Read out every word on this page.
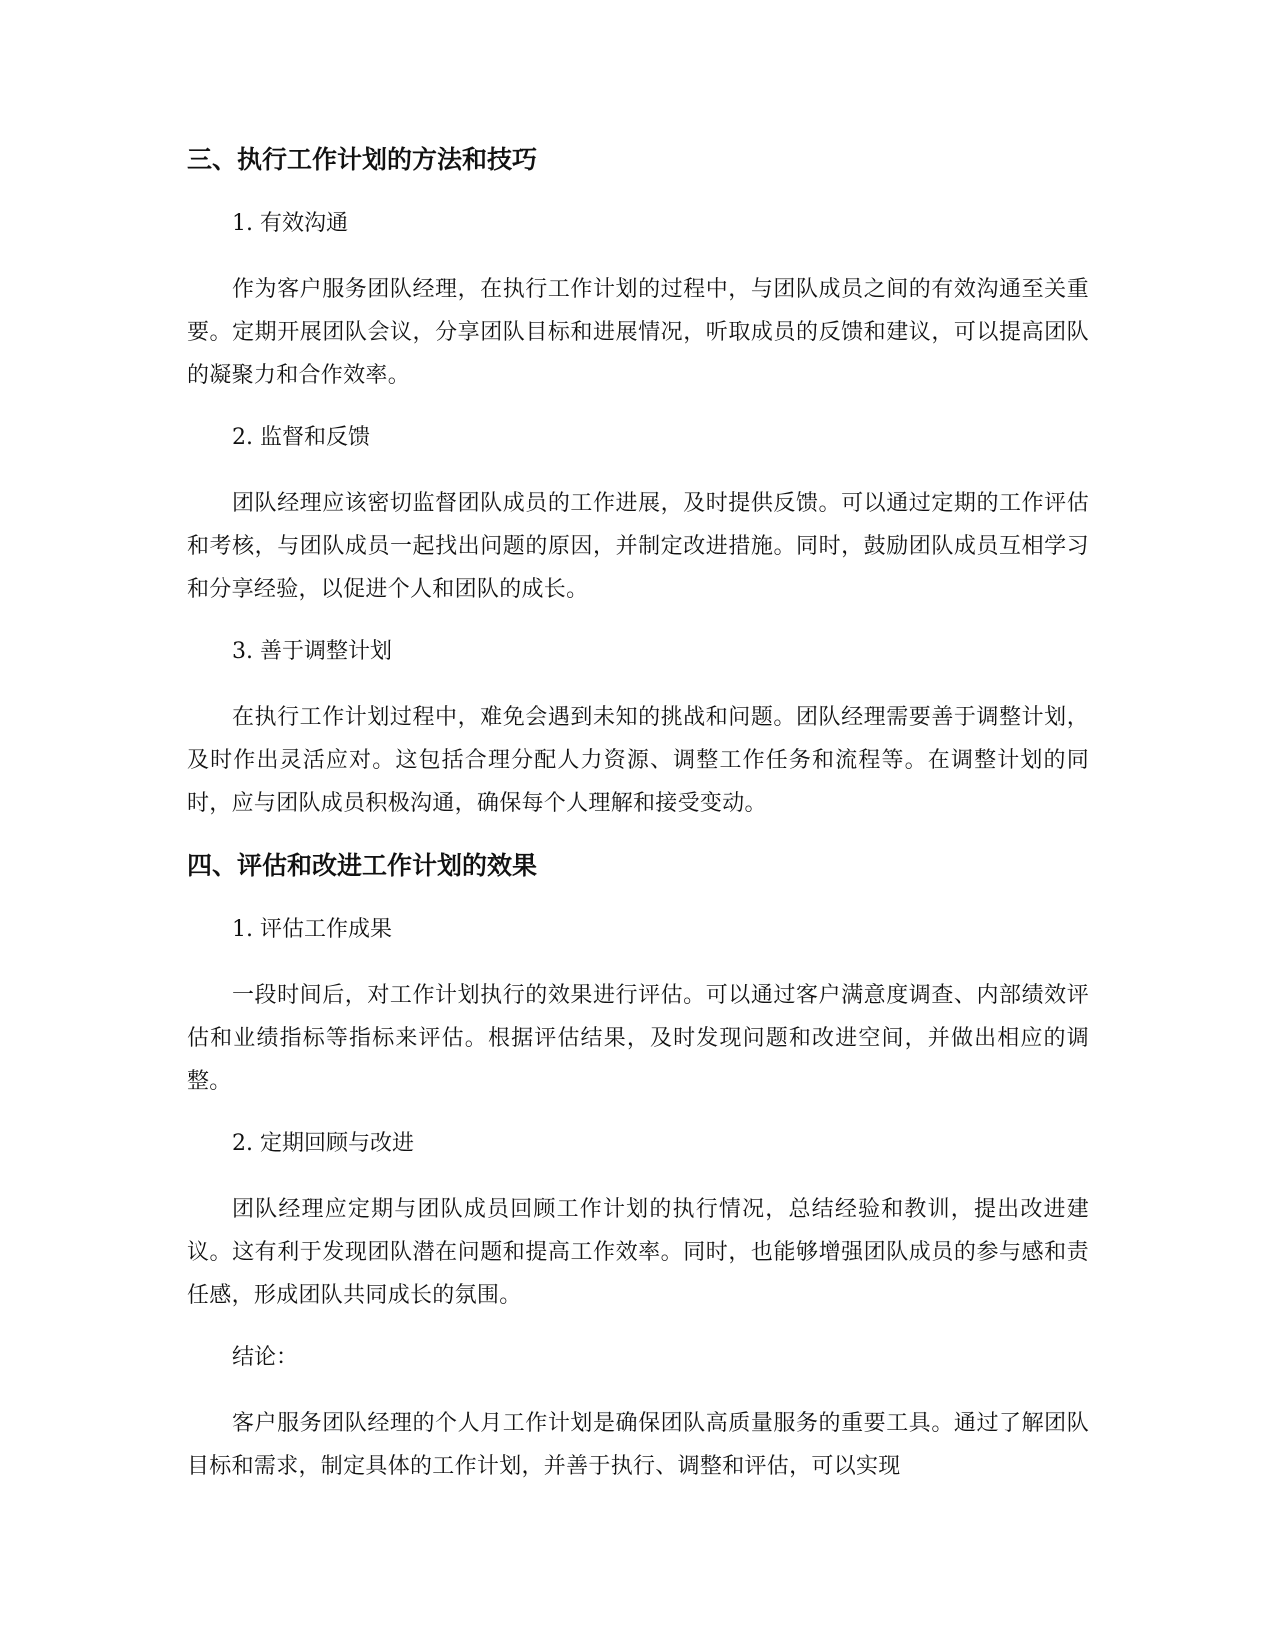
三、执行工作计划的方法和技巧
1. 有效沟通

作为客户服务团队经理，在执行工作计划的过程中，与团队成员之间的有效沟通至关重要。定期开展团队会议，分享团队目标和进展情况，听取成员的反馈和建议，可以提高团队的凝聚力和合作效率。

2. 监督和反馈

团队经理应该密切监督团队成员的工作进展，及时提供反馈。可以通过定期的工作评估和考核，与团队成员一起找出问题的原因，并制定改进措施。同时，鼓励团队成员互相学习和分享经验，以促进个人和团队的成长。

3. 善于调整计划

在执行工作计划过程中，难免会遇到未知的挑战和问题。团队经理需要善于调整计划，及时作出灵活应对。这包括合理分配人力资源、调整工作任务和流程等。在调整计划的同时，应与团队成员积极沟通，确保每个人理解和接受变动。

四、评估和改进工作计划的效果
1. 评估工作成果

一段时间后，对工作计划执行的效果进行评估。可以通过客户满意度调查、内部绩效评估和业绩指标等指标来评估。根据评估结果，及时发现问题和改进空间，并做出相应的调整。

2. 定期回顾与改进

团队经理应定期与团队成员回顾工作计划的执行情况，总结经验和教训，提出改进建议。这有利于发现团队潜在问题和提高工作效率。同时，也能够增强团队成员的参与感和责任感，形成团队共同成长的氛围。

结论：

客户服务团队经理的个人月工作计划是确保团队高质量服务的重要工具。通过了解团队目标和需求，制定具体的工作计划，并善于执行、调整和评估，可以实现
